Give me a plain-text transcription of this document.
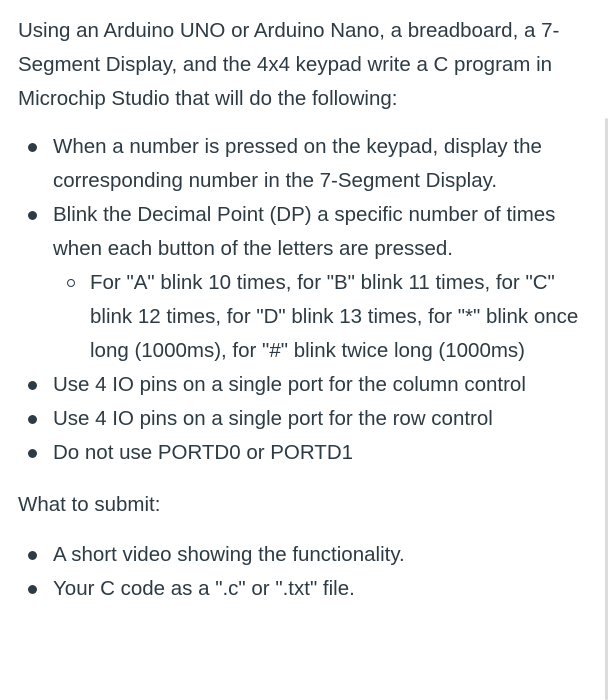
Using an Arduino UNO or Arduino Nano, a breadboard, a 7-Segment Display, and the 4x4 keypad write a C program in Microchip Studio that will do the following:

When a number is pressed on the keypad, display the corresponding number in the 7-Segment Display.
Blink the Decimal Point (DP) a specific number of times when each button of the letters are pressed.
For "A" blink 10 times, for "B" blink 11 times, for "C" blink 12 times, for "D" blink 13 times, for "*" blink once long (1000ms), for "#" blink twice long (1000ms)
Use 4 IO pins on a single port for the column control
Use 4 IO pins on a single port for the row control
Do not use PORTD0 or PORTD1

What to submit:

A short video showing the functionality.
Your C code as a ".c" or ".txt" file.
